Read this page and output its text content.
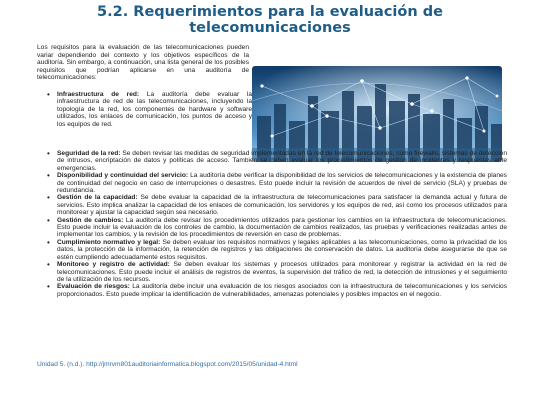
5.2. Requerimientos para la evaluación de
telecomunicaciones

Los requisitos para la evaluación de las telecomunicaciones pueden variar dependiendo del contexto y los objetivos específicos de la auditoría. Sin embargo, a continuación, una lista general de los posibles requisitos que podrían aplicarse en una auditoría de telecomunicaciones:

• Infraestructura de red: La auditoría debe evaluar la infraestructura de red de las telecomunicaciones, incluyendo la topología de la red, los componentes de hardware y software utilizados, los enlaces de comunicación, los puntos de acceso y los equipos de red.
• Seguridad de la red: Se deben revisar las medidas de seguridad implementadas en la red de telecomunicaciones, como firewalls, sistemas de detección de intrusos, encriptación de datos y políticas de acceso. También se deben evaluar los procedimientos de gestión de incidentes y respuestas ante emergencias.
• Disponibilidad y continuidad del servicio: La auditoría debe verificar la disponibilidad de los servicios de telecomunicaciones y la existencia de planes de continuidad del negocio en caso de interrupciones o desastres. Esto puede incluir la revisión de acuerdos de nivel de servicio (SLA) y pruebas de redundancia.
• Gestión de la capacidad: Se debe evaluar la capacidad de la infraestructura de telecomunicaciones para satisfacer la demanda actual y futura de servicios. Esto implica analizar la capacidad de los enlaces de comunicación, los servidores y los equipos de red, así como los procesos utilizados para monitorear y ajustar la capacidad según sea necesario.
• Gestión de cambios: La auditoría debe revisar los procedimientos utilizados para gestionar los cambios en la infraestructura de telecomunicaciones. Esto puede incluir la evaluación de los controles de cambio, la documentación de cambios realizados, las pruebas y verificaciones realizadas antes de implementar los cambios, y la revisión de los procedimientos de reversión en caso de problemas.
• Cumplimiento normativo y legal: Se deben evaluar los requisitos normativos y legales aplicables a las telecomunicaciones, como la privacidad de los datos, la protección de la información, la retención de registros y las obligaciones de conservación de datos. La auditoría debe asegurarse de que se estén cumpliendo adecuadamente estos requisitos.
• Monitoreo y registro de actividad: Se deben evaluar los sistemas y procesos utilizados para monitorear y registrar la actividad en la red de telecomunicaciones. Esto puede incluir el análisis de registros de eventos, la supervisión del tráfico de red, la detección de intrusiones y el seguimiento de la utilización de los recursos.
• Evaluación de riesgos: La auditoría debe incluir una evaluación de los riesgos asociados con la infraestructura de telecomunicaciones y los servicios proporcionados. Esto puede implicar la identificación de vulnerabilidades, amenazas potenciales y posibles impactos en el negocio.
Unidad 5. (n.d.). http://jmrvm801auditoriainformatica.blogspot.com/2015/05/unidad-4.html
